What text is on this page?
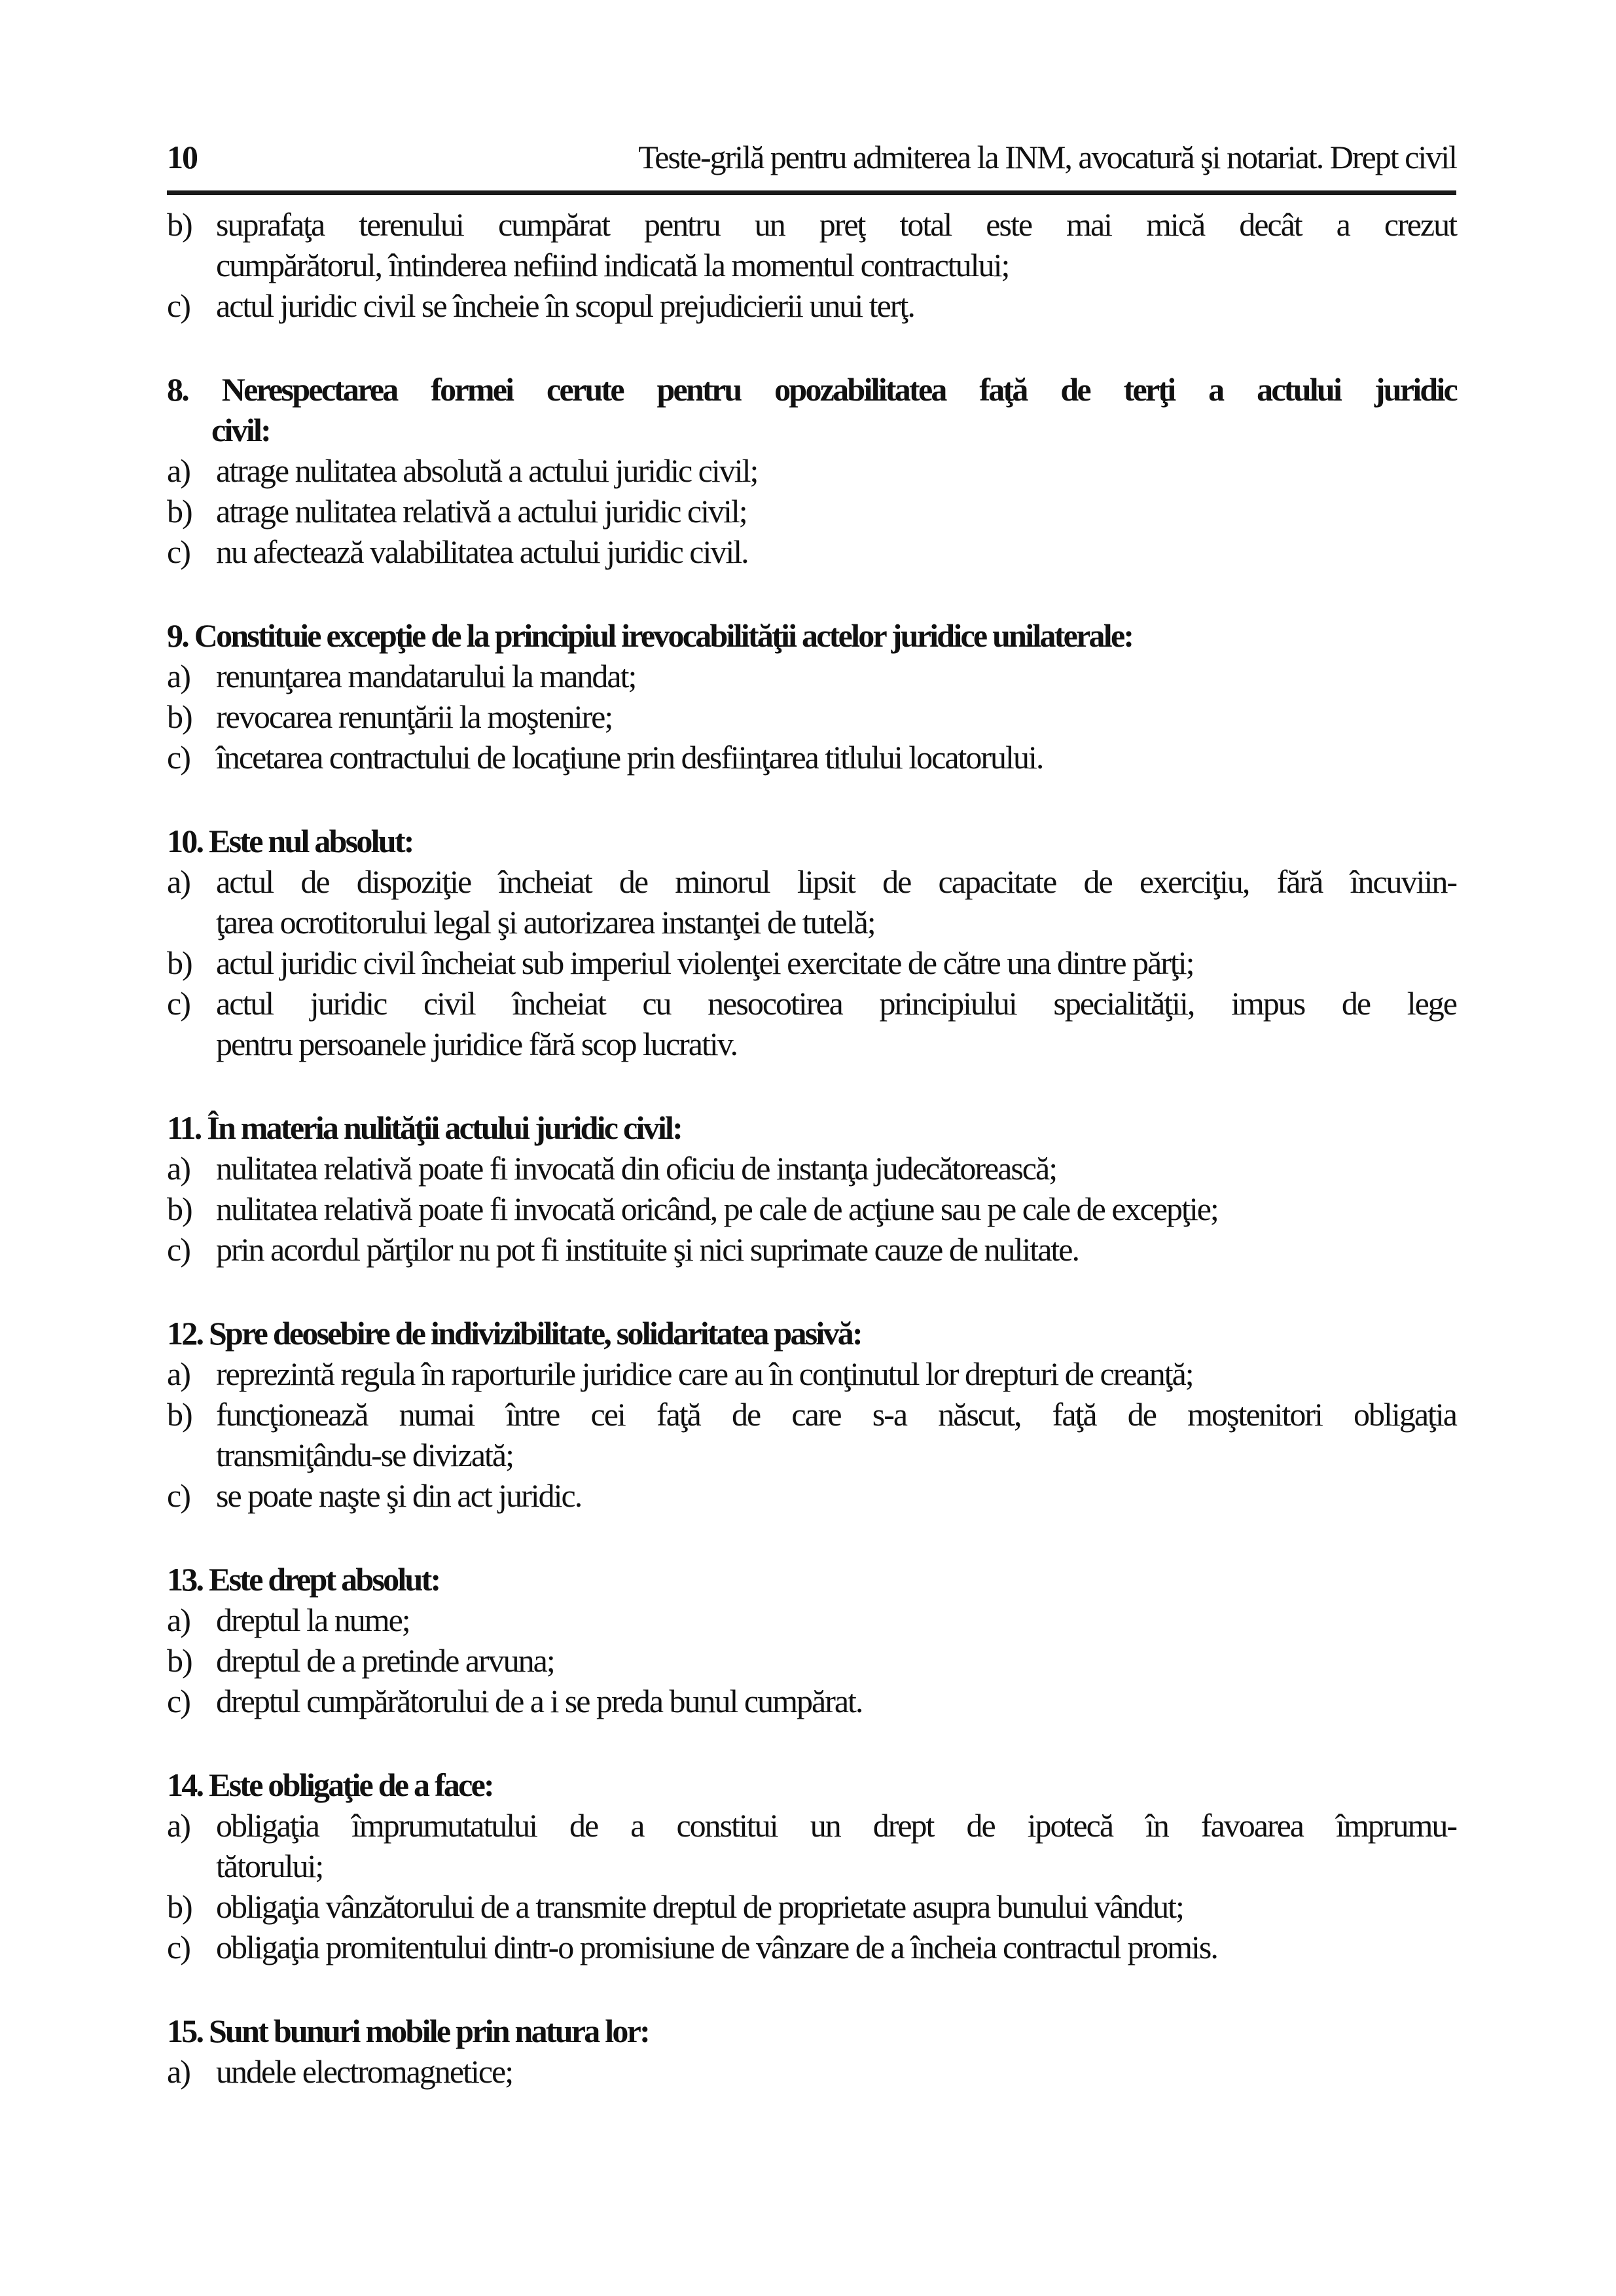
10	Teste-grilă pentru admiterea la INM, avocatură şi notariat. Drept civil
b) suprafaţa terenului cumpărat pentru un preţ total este mai mică decât a crezut
cumpărătorul, întinderea nefiind indicată la momentul contractului;
c) actul juridic civil se încheie în scopul prejudicierii unui terţ.
8. Nerespectarea formei cerute pentru opozabilitatea faţă de terţi a actului juridic
civil:
a) atrage nulitatea absolută a actului juridic civil;
b) atrage nulitatea relativă a actului juridic civil;
c) nu afectează valabilitatea actului juridic civil.
9. Constituie excepţie de la principiul irevocabilităţii actelor juridice unilaterale:
a) renunţarea mandatarului la mandat;
b) revocarea renunţării la moştenire;
c) încetarea contractului de locaţiune prin desfiinţarea titlului locatorului.
10. Este nul absolut:
a) actul de dispoziţie încheiat de minorul lipsit de capacitate de exerciţiu, fără încuviin-
ţarea ocrotitorului legal şi autorizarea instanţei de tutelă;
b) actul juridic civil încheiat sub imperiul violenţei exercitate de către una dintre părţi;
c) actul juridic civil încheiat cu nesocotirea principiului specialităţii, impus de lege
pentru persoanele juridice fără scop lucrativ.
11. În materia nulităţii actului juridic civil:
a) nulitatea relativă poate fi invocată din oficiu de instanţa judecătorească;
b) nulitatea relativă poate fi invocată oricând, pe cale de acţiune sau pe cale de excepţie;
c) prin acordul părţilor nu pot fi instituite şi nici suprimate cauze de nulitate.
12. Spre deosebire de indivizibilitate, solidaritatea pasivă:
a) reprezintă regula în raporturile juridice care au în conţinutul lor drepturi de creanţă;
b) funcţionează numai între cei faţă de care s-a născut, faţă de moştenitori obligaţia
transmiţându-se divizată;
c) se poate naşte şi din act juridic.
13. Este drept absolut:
a) dreptul la nume;
b) dreptul de a pretinde arvuna;
c) dreptul cumpărătorului de a i se preda bunul cumpărat.
14. Este obligaţie de a face:
a) obligaţia împrumutatului de a constitui un drept de ipotecă în favoarea împrumu-
tătorului;
b) obligaţia vânzătorului de a transmite dreptul de proprietate asupra bunului vândut;
c) obligaţia promitentului dintr-o promisiune de vânzare de a încheia contractul promis.
15. Sunt bunuri mobile prin natura lor:
a) undele electromagnetice;
